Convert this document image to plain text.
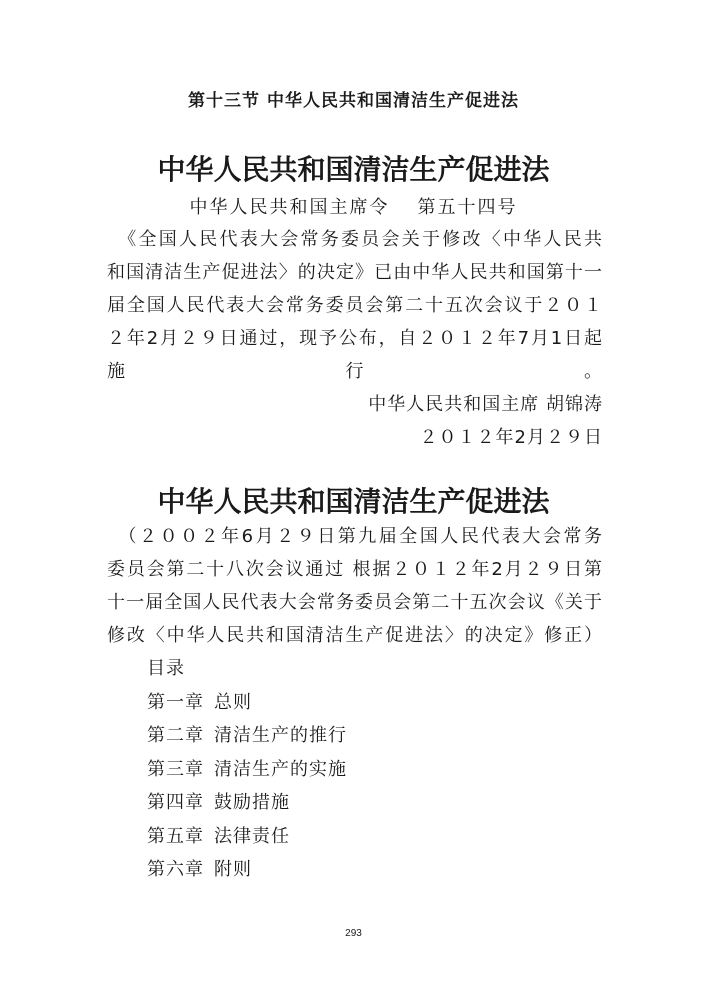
第十三节 中华人民共和国清洁生产促进法
中华人民共和国清洁生产促进法
中华人民共和国主席令 第五十四号
　《全国人民代表大会常务委员会关于修改〈中华人民共
和国清洁生产促进法〉的决定》已由中华人民共和国第十一
届全国人民代表大会常务委员会第二十五次会议于２０１
２年2月２９日通过，现予公布，自２０１２年7月1日起
施行。
中华人民共和国主席 胡锦涛
２０１２年2月２９日
中华人民共和国清洁生产促进法
　（２００２年6月２９日第九届全国人民代表大会常务
委员会第二十八次会议通过 根据２０１２年2月２９日第
十一届全国人民代表大会常务委员会第二十五次会议《关于
修改〈中华人民共和国清洁生产促进法〉的决定》修正）
目录
第一章 总则
第二章 清洁生产的推行
第三章 清洁生产的实施
第四章 鼓励措施
第五章 法律责任
第六章 附则
293
